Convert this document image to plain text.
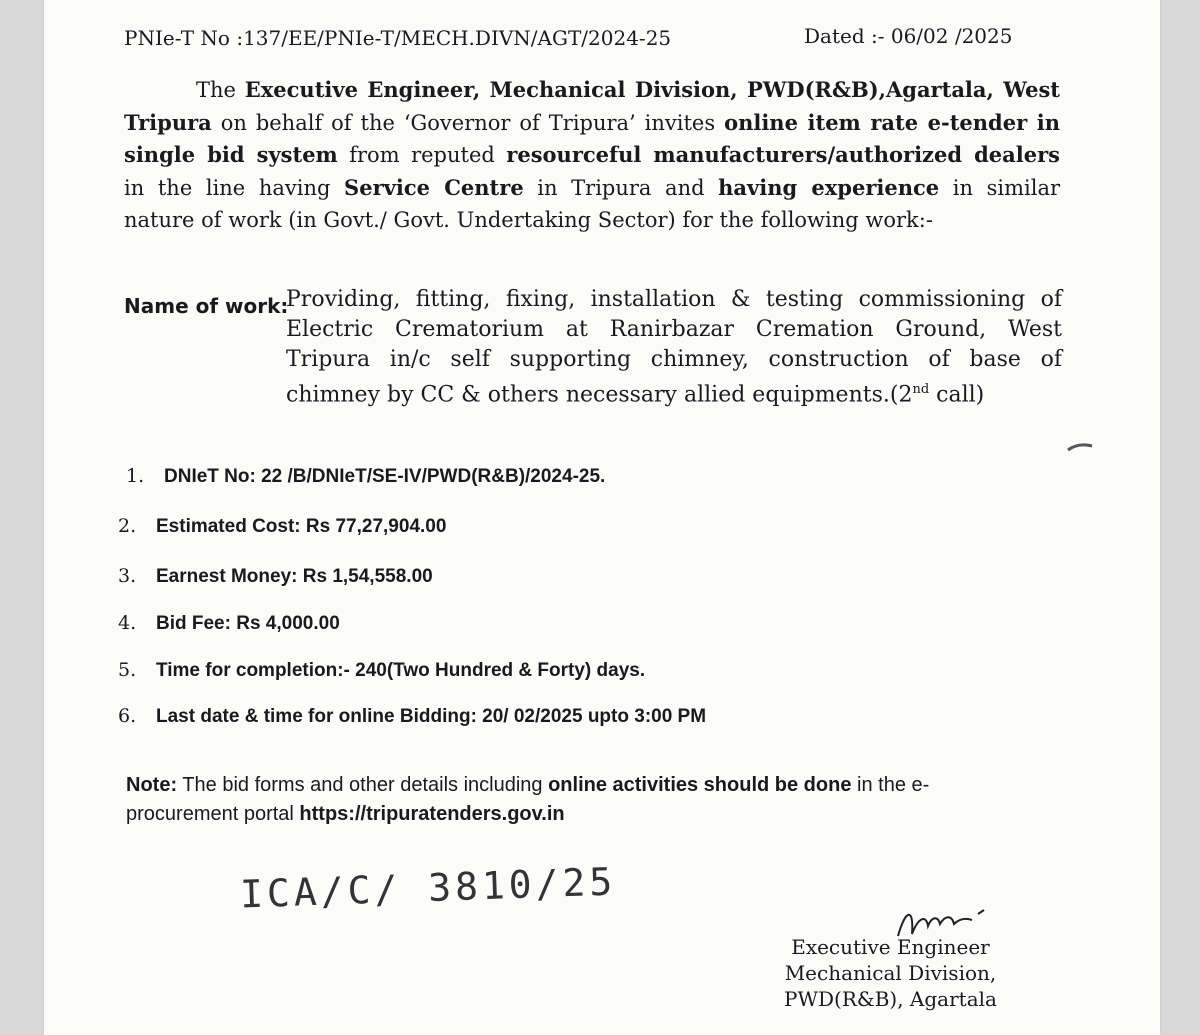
PNIe-T No :137/EE/PNIe-T/MECH.DIVN/AGT/2024-25	Dated :- 06/02 /2025
The Executive Engineer, Mechanical Division, PWD(R&B),Agartala, West
Tripura on behalf of the ‘Governor of Tripura’ invites online item rate e-tender in
single bid system from reputed resourceful manufacturers/authorized dealers
in the line having Service Centre in Tripura and having experience in similar
nature of work (in Govt./ Govt. Undertaking Sector) for the following work:-
Name of work:
Providing, fitting, fixing, installation & testing commissioning of
Electric Crematorium at Ranirbazar Cremation Ground, West
Tripura in/c self supporting chimney, construction of base of
chimney by CC & others necessary allied equipments.(2nd call)
1. DNIeT No: 22 /B/DNIeT/SE-IV/PWD(R&B)/2024-25.
2. Estimated Cost: Rs 77,27,904.00
3. Earnest Money: Rs 1,54,558.00
4. Bid Fee: Rs 4,000.00
5. Time for completion:- 240(Two Hundred & Forty) days.
6. Last date & time for online Bidding: 20/ 02/2025 upto 3:00 PM
Note: The bid forms and other details including online activities should be done in the e-
procurement portal https://tripuratenders.gov.in
ICA/C/ 3810/25
Executive Engineer
Mechanical Division,
PWD(R&B), Agartala
